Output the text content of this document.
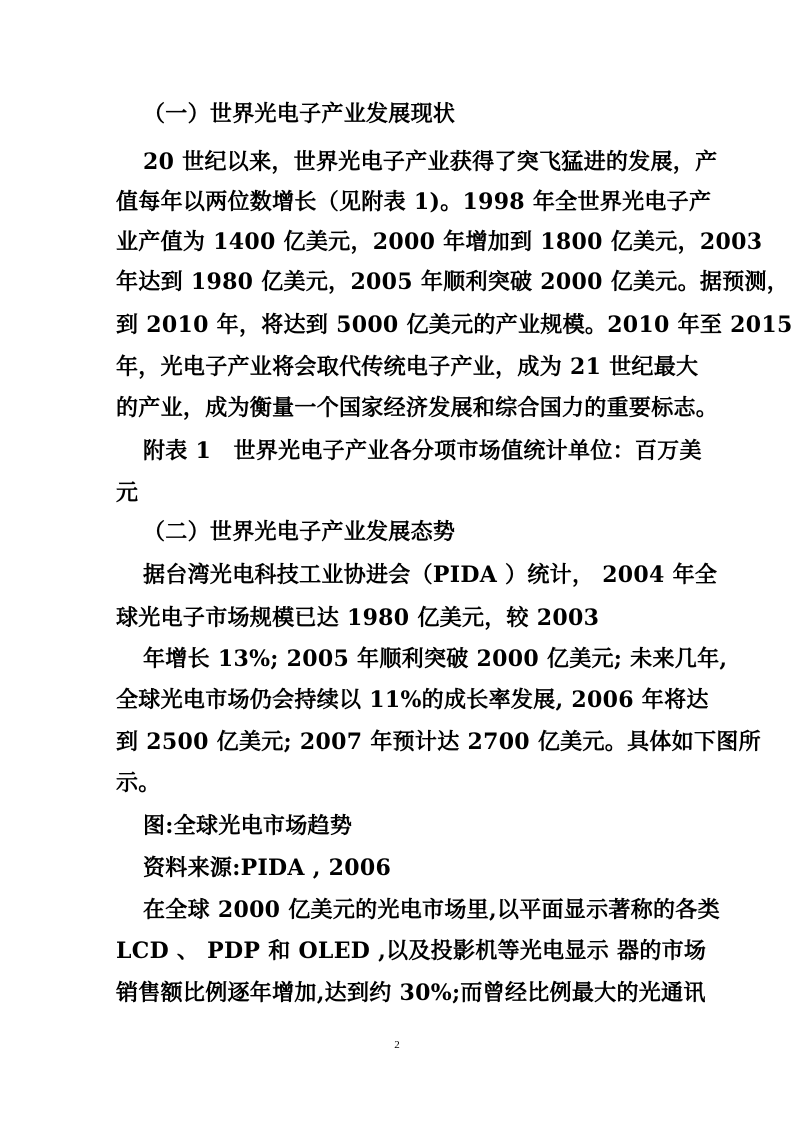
（一）世界光电子产业发展现状
20 世纪以来，世界光电子产业获得了突飞猛进的发展，产
值每年以两位数增长（见附表 1)。1998 年全世界光电子产
业产值为 1400 亿美元，2000 年增加到 1800 亿美元，2003
年达到 1980 亿美元，2005 年顺利突破 2000 亿美元。据预测，
到 2010 年，将达到 5000 亿美元的产业规模。2010 年至 2015
年，光电子产业将会取代传统电子产业，成为 21 世纪最大
的产业，成为衡量一个国家经济发展和综合国力的重要标志。
附表 1　世界光电子产业各分项市场值统计单位：百万美
元
（二）世界光电子产业发展态势
据台湾光电科技工业协进会（PIDA ）统计， 2004 年全
球光电子市场规模已达 1980 亿美元，较 2003
年增长 13%; 2005 年顺利突破 2000 亿美元; 未来几年,
全球光电市场仍会持续以 11%的成长率发展, 2006 年将达
到 2500 亿美元; 2007 年预计达 2700 亿美元。具体如下图所
示。
图:全球光电市场趋势
资料来源:PIDA , 2006
在全球 2000 亿美元的光电市场里,以平面显示著称的各类
LCD 、 PDP 和 OLED ,以及投影机等光电显示 器的市场
销售额比例逐年增加,达到约 30%;而曾经比例最大的光通讯
2
